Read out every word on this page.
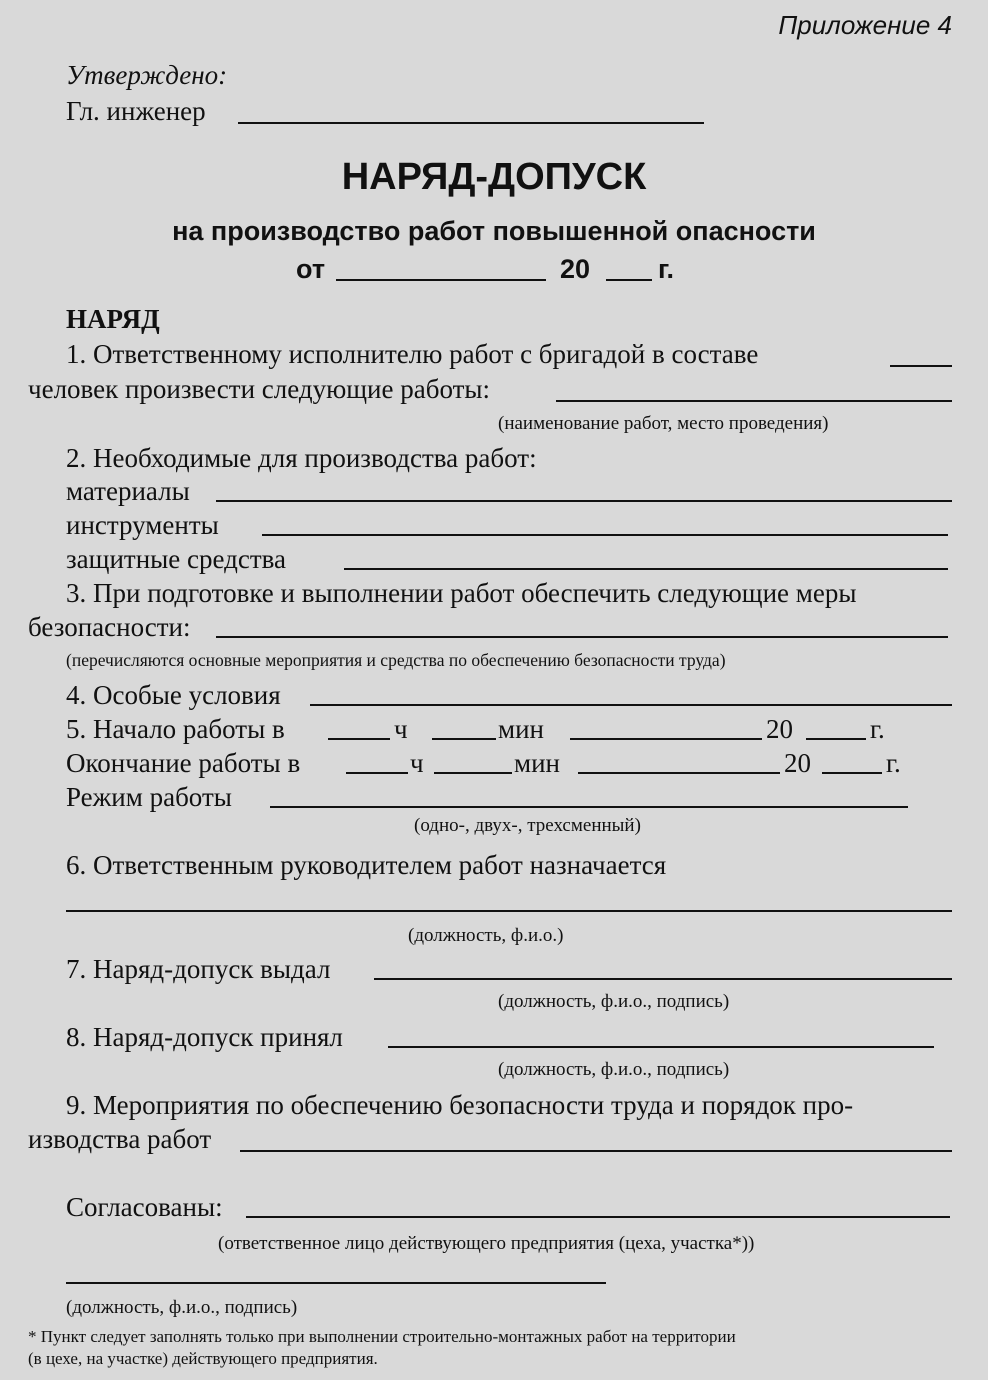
Приложение 4
Утверждено:
Гл. инженер
НАРЯД-ДОПУСК
на производство работ повышенной опасности
от	20	г.
НАРЯД
1. Ответственному исполнителю работ с бригадой в составе
человек произвести следующие работы:
(наименование работ, место проведения)
2. Необходимые для производства работ:
материалы
инструменты
защитные средства
3. При подготовке и выполнении работ обеспечить следующие меры
безопасности:
(перечисляются основные мероприятия и средства по обеспечению безопасности труда)
4. Особые условия
5. Начало работы в	ч	мин	20	г.
Окончание работы в	ч	мин	20	г.
Режим работы
(одно-, двух-, трехсменный)
6. Ответственным руководителем работ назначается
(должность, ф.и.о.)
7. Наряд-допуск выдал
(должность, ф.и.о., подпись)
8. Наряд-допуск принял
(должность, ф.и.о., подпись)
9. Мероприятия по обеспечению безопасности труда и порядок про-
изводства работ
Согласованы:
(ответственное лицо действующего предприятия (цеха, участка*))
(должность, ф.и.о., подпись)
* Пункт следует заполнять только при выполнении строительно-монтажных работ на территории
(в цехе, на участке) действующего предприятия.
